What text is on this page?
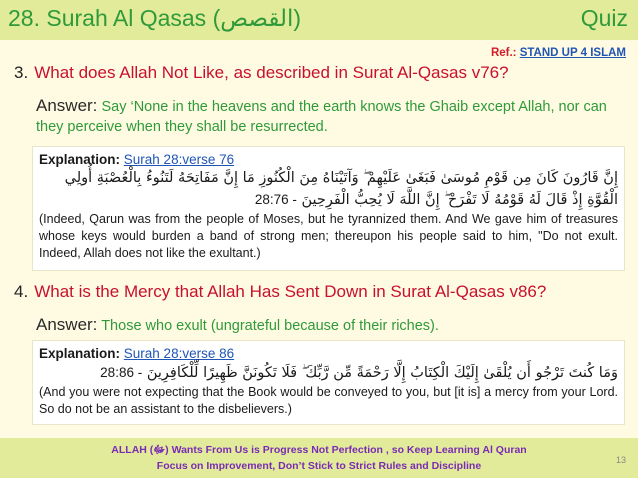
28. Surah Al Qasas (القصص)	Quiz
Ref.: STAND UP 4 ISLAM
3. What does Allah Not Like, as described in Surat Al-Qasas v76?
Answer: Say ‘None in the heavens and the earth knows the Ghaib except Allah, nor can they perceive when they shall be resurrected.
Explanation: Surah 28:verse 76
إِنَّ قَارُونَ كَانَ مِن قَوْمِ مُوسَىٰ فَبَغَىٰ عَلَيْهِمْ ۖ وَآتَيْنَاهُ مِنَ الْكُنُوزِ مَا إِنَّ مَفَاتِحَهُ لَتَنُوءُ بِالْعُصْبَةِ أُولِي الْقُوَّةِ إِذْ قَالَ لَهُ قَوْمُهُ لَا تَفْرَحْ ۖ إِنَّ اللَّهَ لَا يُحِبُّ الْفَرِحِينَ 28:76 -
(Indeed, Qarun was from the people of Moses, but he tyrannized them. And We gave him of treasures whose keys would burden a band of strong men; thereupon his people said to him, "Do not exult. Indeed, Allah does not like the exultant.)
4. What is the Mercy that Allah Has Sent Down in Surat Al-Qasas v86?
Answer: Those who exult (ungrateful because of their riches).
Explanation: Surah 28:verse 86
وَمَا كُنتَ تَرْجُو أَن يُلْقَىٰ إِلَيْكَ الْكِتَابُ إِلَّا رَحْمَةً مِّن رَّبِّكَ ۖ فَلَا تَكُونَنَّ ظَهِيرًا لِّلْكَافِرِينَ 28:86 -
(And you were not expecting that the Book would be conveyed to you, but [it is] a mercy from your Lord. So do not be an assistant to the disbelievers.)
ALLAH (ﷻ) Wants From Us is Progress Not Perfection , so Keep Learning Al Quran
Focus on Improvement, Don’t Stick to Strict Rules and Discipline	13
